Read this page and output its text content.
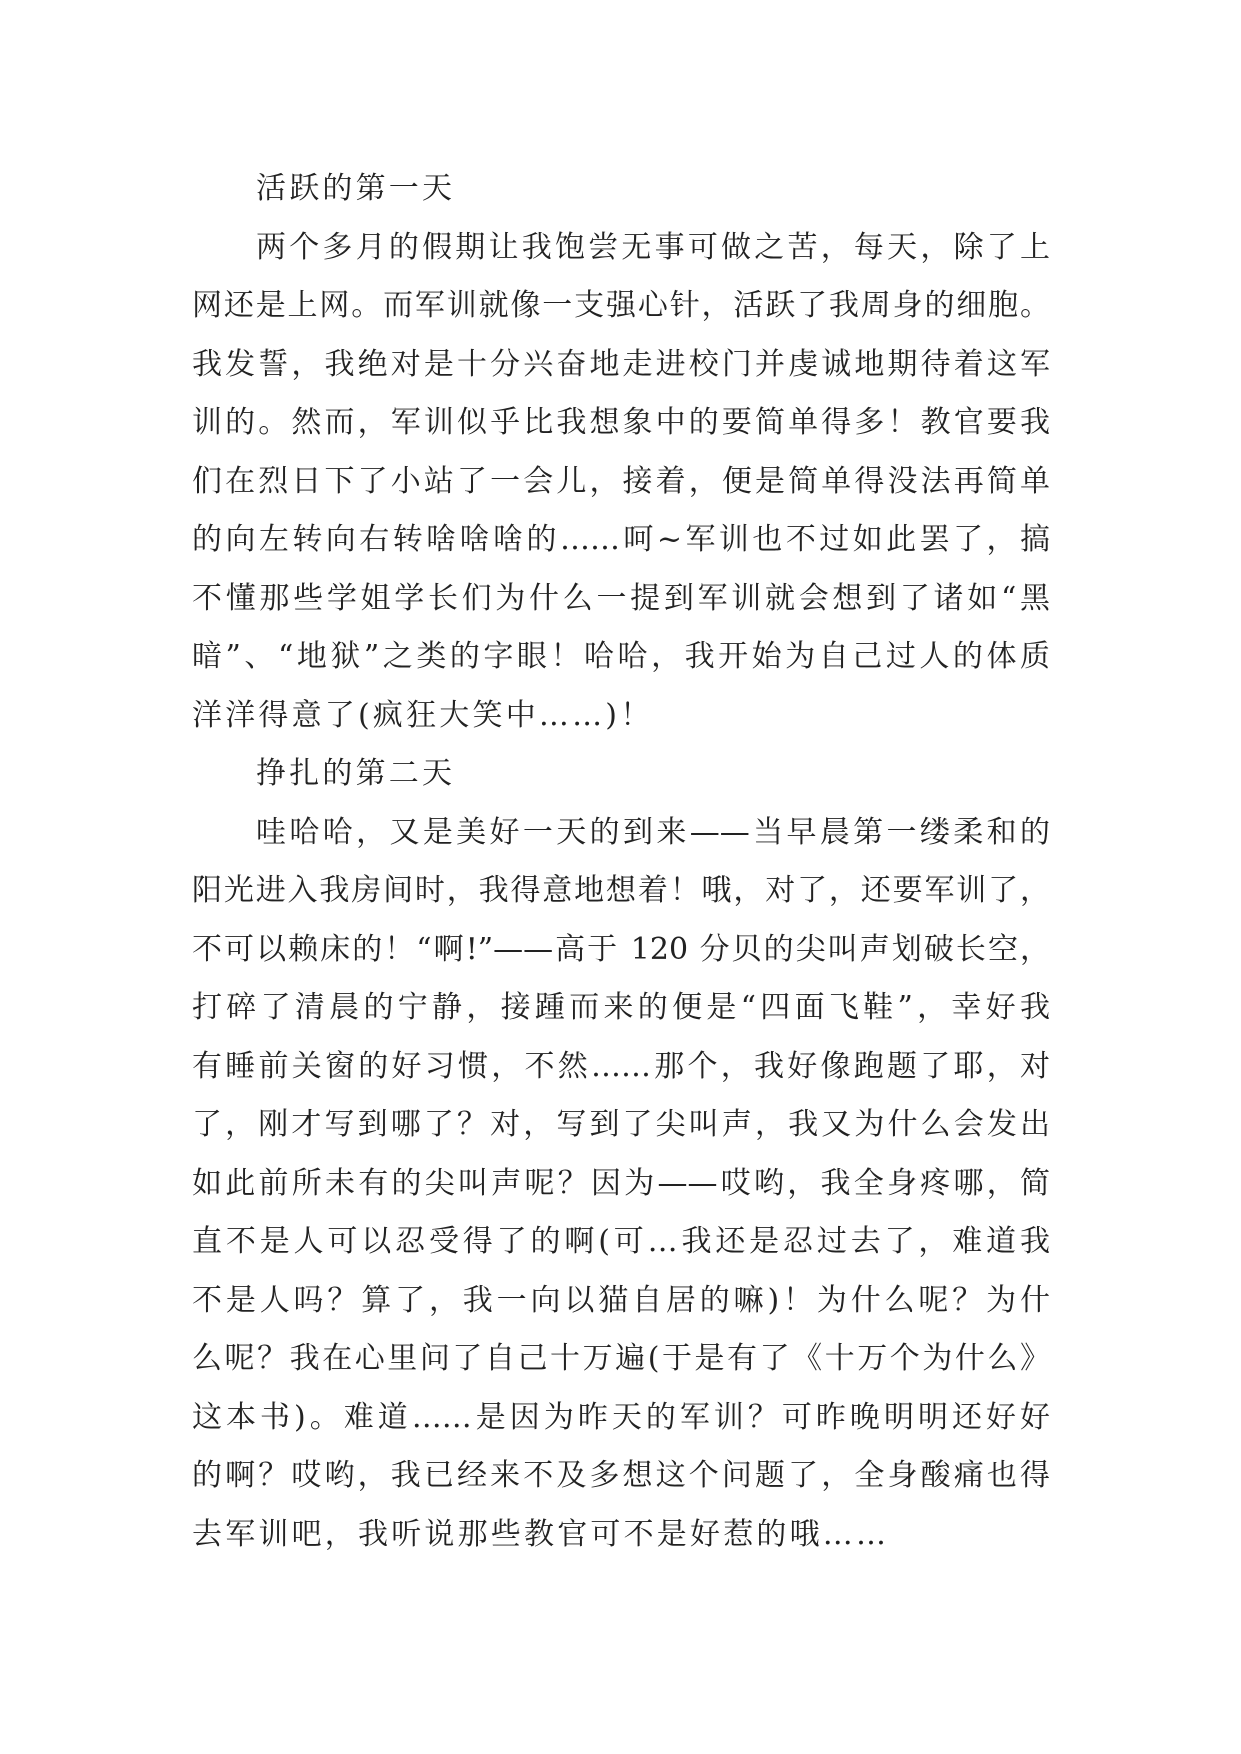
活跃的第一天
两个多月的假期让我饱尝无事可做之苦，每天，除了上
网还是上网。而军训就像一支强心针，活跃了我周身的细胞。
我发誓，我绝对是十分兴奋地走进校门并虔诚地期待着这军
训的。然而，军训似乎比我想象中的要简单得多！教官要我
们在烈日下了小站了一会儿，接着，便是简单得没法再简单
的向左转向右转啥啥啥的……呵~军训也不过如此罢了，搞
不懂那些学姐学长们为什么一提到军训就会想到了诸如“黑
暗”、“地狱”之类的字眼！哈哈，我开始为自己过人的体质
洋洋得意了(疯狂大笑中……)！
挣扎的第二天
哇哈哈，又是美好一天的到来——当早晨第一缕柔和的
阳光进入我房间时，我得意地想着！哦，对了，还要军训了，
不可以赖床的！“啊!”——高于 120 分贝的尖叫声划破长空，
打碎了清晨的宁静，接踵而来的便是“四面飞鞋”，幸好我
有睡前关窗的好习惯，不然……那个，我好像跑题了耶，对
了，刚才写到哪了？对，写到了尖叫声，我又为什么会发出
如此前所未有的尖叫声呢？因为——哎哟，我全身疼哪，简
直不是人可以忍受得了的啊(可…我还是忍过去了，难道我
不是人吗？算了，我一向以猫自居的嘛)！为什么呢？为什
么呢？我在心里问了自己十万遍(于是有了《十万个为什么》
这本书)。难道……是因为昨天的军训？可昨晚明明还好好
的啊？哎哟，我已经来不及多想这个问题了，全身酸痛也得
去军训吧，我听说那些教官可不是好惹的哦……
